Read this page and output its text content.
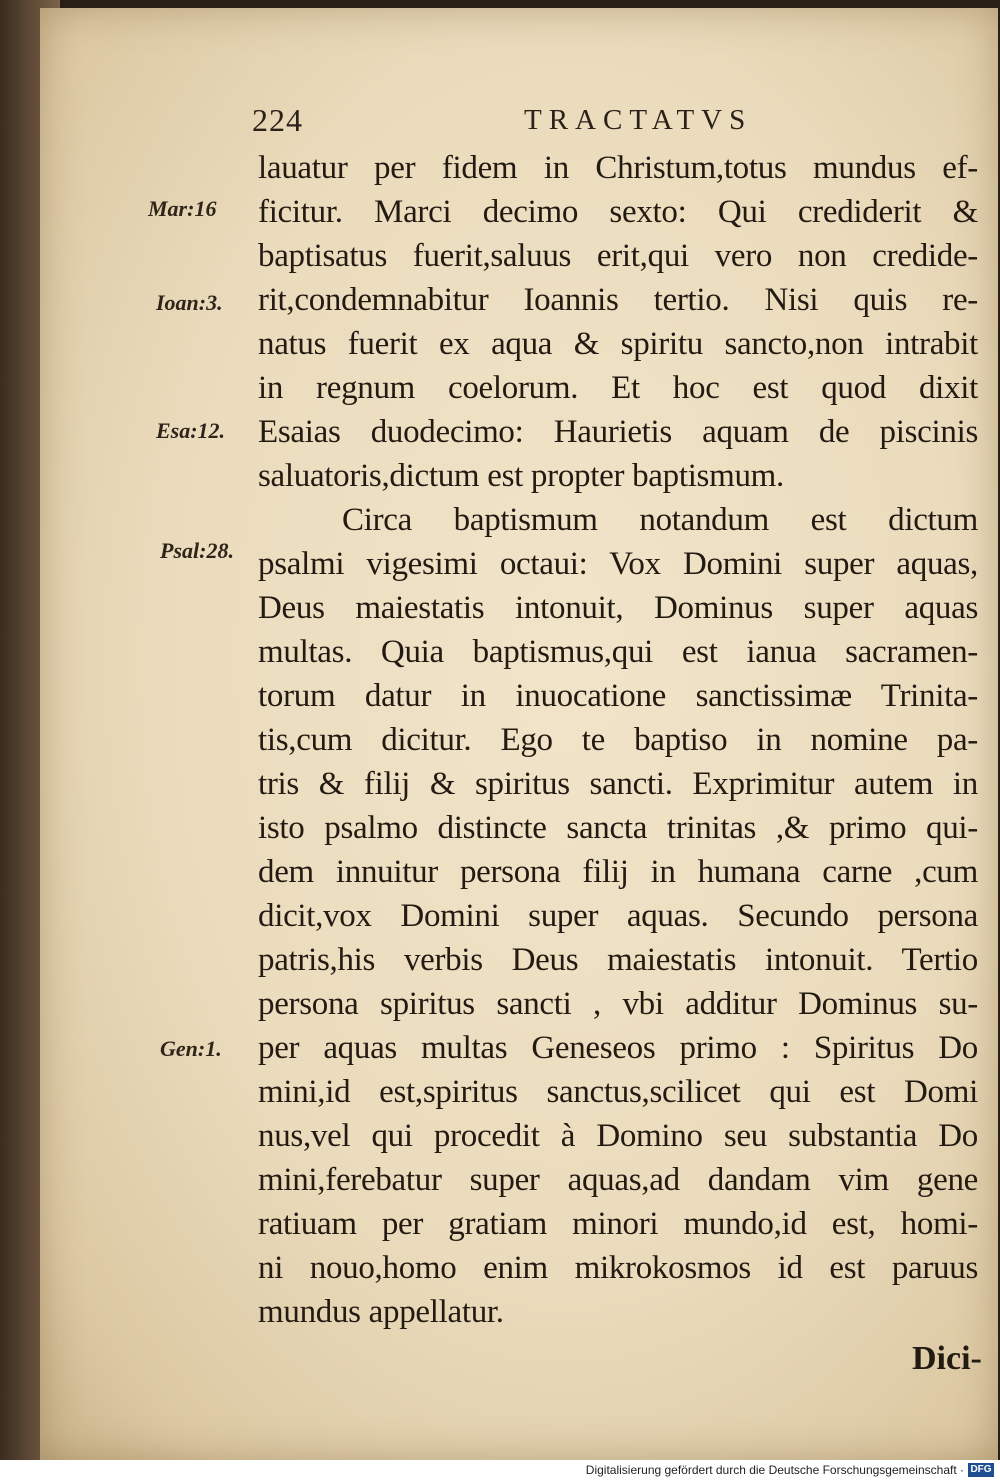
224	TRACTATVS
Mar:16
Ioan:3.
Esa:12.
Psal:28.
Gen:1.
lauatur per fidem in Christum,totus mundus ef-
ficitur. Marci decimo sexto: Qui crediderit &
baptisatus fuerit,saluus erit,qui vero non credide-
rit,condemnabitur Ioannis tertio. Nisi quis re-
natus fuerit ex aqua & spiritu sancto,non intrabit
in regnum coelorum. Et hoc est quod dixit
Esaias duodecimo: Haurietis aquam de piscinis
saluatoris,dictum est propter baptismum.
Circa baptismum notandum est dictum
psalmi vigesimi octaui: Vox Domini super aquas,
Deus maiestatis intonuit, Dominus super aquas
multas. Quia baptismus,qui est ianua sacramen-
torum datur in inuocatione sanctissimæ Trinita-
tis,cum dicitur. Ego te baptiso in nomine pa-
tris & filij & spiritus sancti. Exprimitur autem in
isto psalmo distincte sancta trinitas ,& primo qui-
dem innuitur persona filij in humana carne ,cum
dicit,vox Domini super aquas. Secundo persona
patris,his verbis Deus maiestatis intonuit. Tertio
persona spiritus sancti , vbi additur Dominus su-
per aquas multas Geneseos primo : Spiritus Do
mini,id est,spiritus sanctus,scilicet qui est Domi
nus,vel qui procedit à Domino seu substantia Do
mini,ferebatur super aquas,ad dandam vim gene
ratiuam per gratiam minori mundo,id est, homi-
ni nouo,homo enim mikrokosmos id est paruus
mundus appellatur.
Dici-
Digitalisierung gefördert durch die Deutsche Forschungsgemeinschaft · DFG
